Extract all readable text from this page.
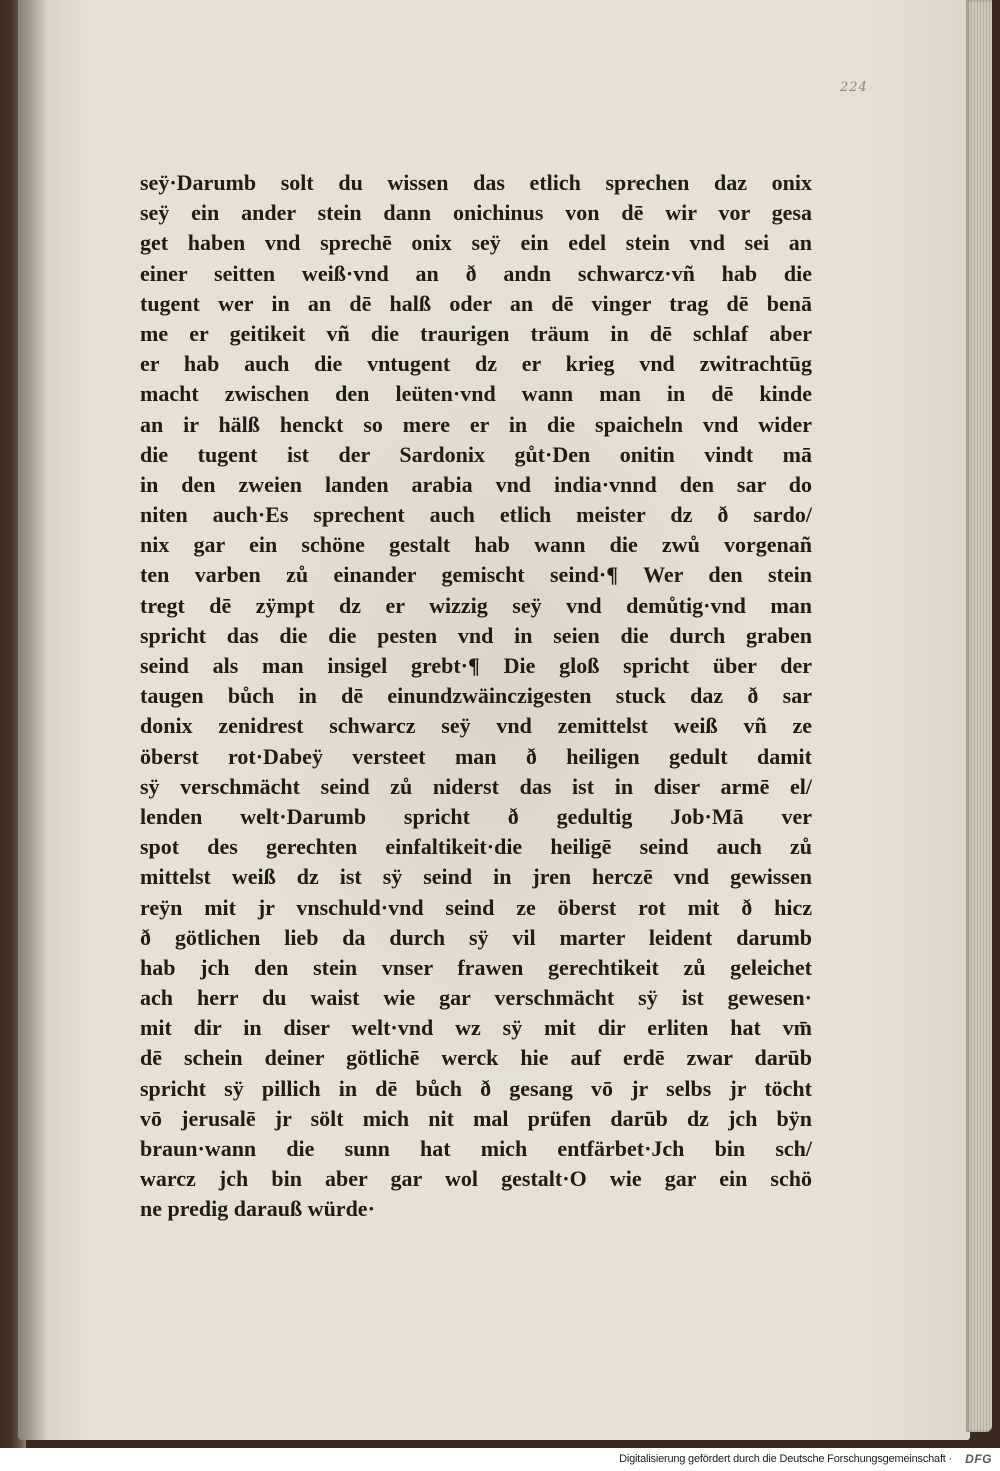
224
seÿ·Darumb solt du wissen das etlich sprechen daz onix
seÿ ein ander stein dann onichinus von dē wir vor gesa
get haben vnd sprechē onix seÿ ein edel stein vnd sei an
einer seitten weiß·vnd an ð andn schwarcz·vñ hab die
tugent wer in an dē halß oder an dē vinger trag dē benā
me er geitikeit vñ die traurigen träum in dē schlaf aber
er hab auch die vntugent dz er krieg vnd zwitrachtūg
macht zwischen den leüten·vnd wann man in dē kinde
an ir hälß henckt so mere er in die spaicheln vnd wider
die tugent ist der Sardonix gůt·Den onitin vindt mā
in den zweien landen arabia vnd india·vnnd den sar do
niten auch·Es sprechent auch etlich meister dz ð sardo/
nix gar ein schöne gestalt hab wann die zwů vorgenañ
ten varben zů einander gemischt seind·¶ Wer den stein
tregt dē zÿmpt dz er wizzig seÿ vnd demůtig·vnd man
spricht das die die pesten vnd in seien die durch graben
seind als man insigel grebt·¶ Die gloß spricht über der
taugen bůch in dē einundzwäinczigesten stuck daz ð sar
donix zenidrest schwarcz seÿ vnd zemittelst weiß vñ ze
öberst rot·Dabeÿ versteet man ð heiligen gedult damit
sÿ verschmächt seind zů niderst das ist in diser armē el/
lenden welt·Darumb spricht ð gedultig Job·Mā ver
spot des gerechten einfaltikeit·die heiligē seind auch zů
mittelst weiß dz ist sÿ seind in jren herczē vnd gewissen
reÿn mit jr vnschuld·vnd seind ze öberst rot mit ð hicz
ð götlichen lieb da durch sÿ vil marter leident darumb
hab jch den stein vnser frawen gerechtikeit zů geleichet
ach herr du waist wie gar verschmächt sÿ ist gewesen·
mit dir in diser welt·vnd wz sÿ mit dir erliten hat vm̄
dē schein deiner götlichē werck hie auf erdē zwar darūb
spricht sÿ pillich in dē bůch ð gesang vō jr selbs jr töcht
vō jerusalē jr sölt mich nit mal prüfen darūb dz jch bÿn
braun·wann die sunn hat mich entfärbet·Jch bin sch/
warcz jch bin aber gar wol gestalt·O wie gar ein schö
ne predig darauß würde·
Digitalisierung gefördert durch die Deutsche Forschungsgemeinschaft · DFG
